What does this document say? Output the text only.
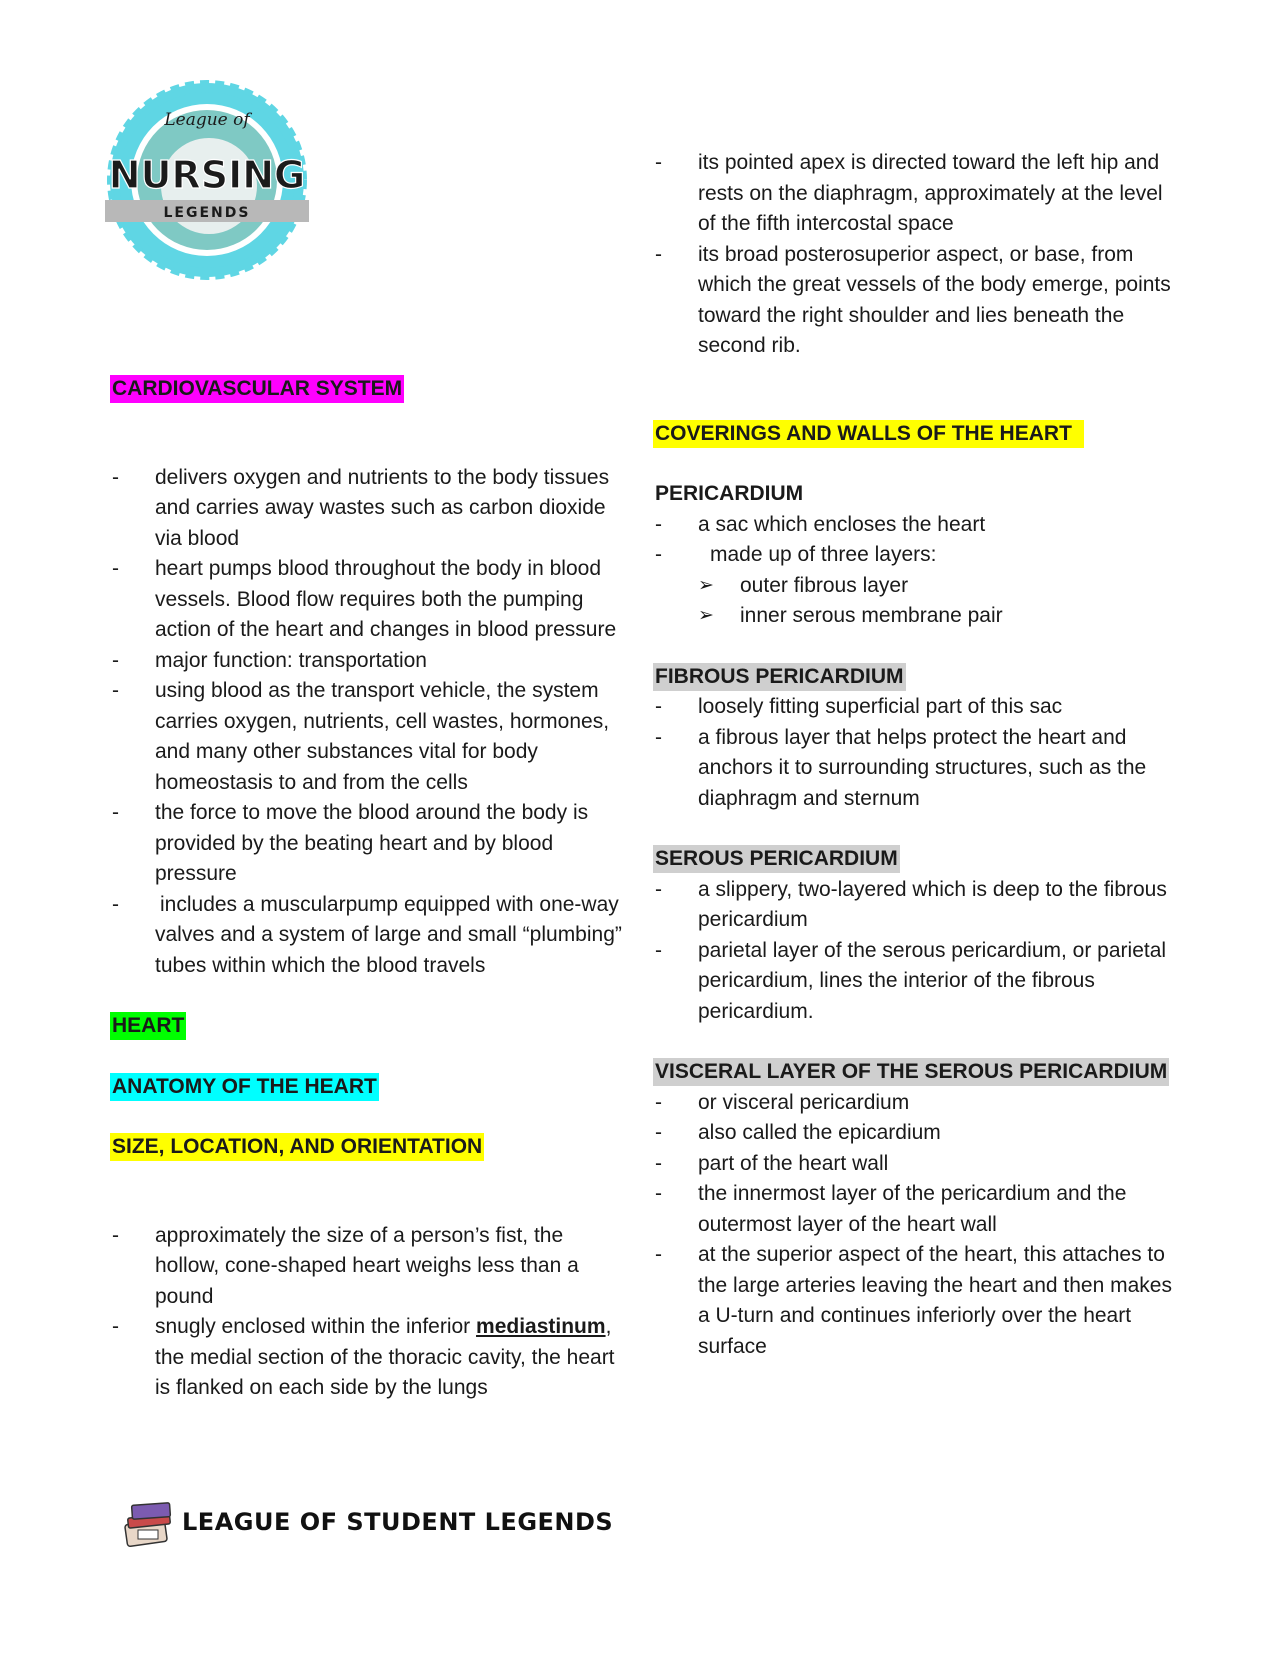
League of
NURSING
LEGENDS
CARDIOVASCULAR SYSTEM
- delivers oxygen and nutrients to the body tissues and carries away wastes such as carbon dioxide via blood
- heart pumps blood throughout the body in blood vessels. Blood flow requires both the pumping action of the heart and changes in blood pressure
- major function: transportation
- using blood as the transport vehicle, the system carries oxygen, nutrients, cell wastes, hormones, and many other substances vital for body homeostasis to and from the cells
- the force to move the blood around the body is provided by the beating heart and by blood pressure
- includes a muscularpump equipped with one-way valves and a system of large and small “plumbing” tubes within which the blood travels
HEART
ANATOMY OF THE HEART
SIZE, LOCATION, AND ORIENTATION
- approximately the size of a person’s fist, the hollow, cone-shaped heart weighs less than a pound
- snugly enclosed within the inferior mediastinum, the medial section of the thoracic cavity, the heart is flanked on each side by the lungs
- its pointed apex is directed toward the left hip and rests on the diaphragm, approximately at the level of the fifth intercostal space
- its broad posterosuperior aspect, or base, from which the great vessels of the body emerge, points toward the right shoulder and lies beneath the second rib.
COVERINGS AND WALLS OF THE HEART
PERICARDIUM
- a sac which encloses the heart
- made up of three layers:
➢ outer fibrous layer
➢ inner serous membrane pair
FIBROUS PERICARDIUM
- loosely fitting superficial part of this sac
- a fibrous layer that helps protect the heart and anchors it to surrounding structures, such as the diaphragm and sternum
SEROUS PERICARDIUM
- a slippery, two-layered which is deep to the fibrous pericardium
- parietal layer of the serous pericardium, or parietal pericardium, lines the interior of the fibrous pericardium.
VISCERAL LAYER OF THE SEROUS PERICARDIUM
- or visceral pericardium
- also called the epicardium
- part of the heart wall
- the innermost layer of the pericardium and the outermost layer of the heart wall
- at the superior aspect of the heart, this attaches to the large arteries leaving the heart and then makes a U-turn and continues inferiorly over the heart surface
LEAGUE OF STUDENT LEGENDS
